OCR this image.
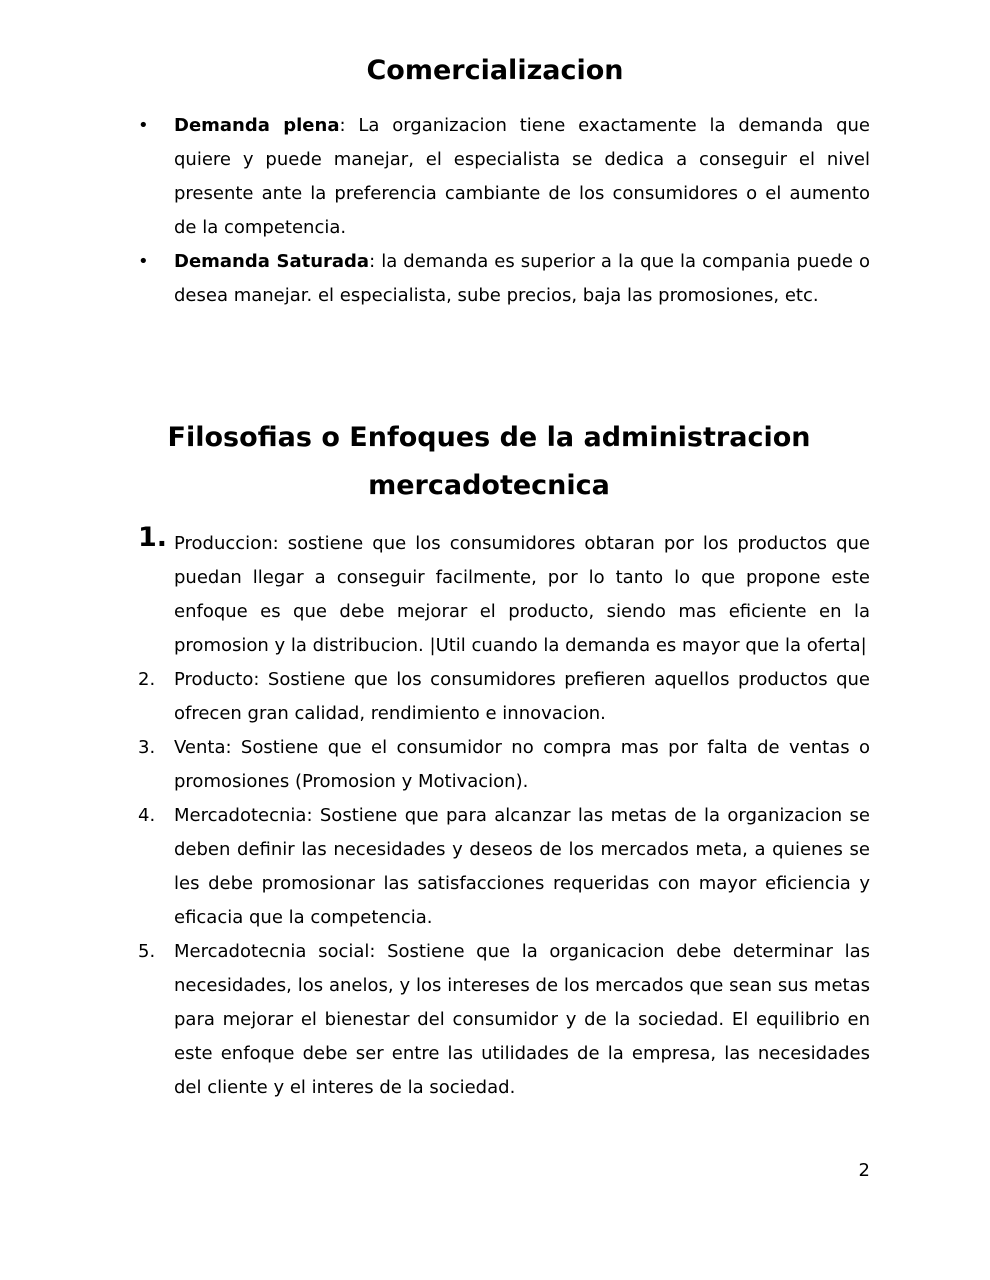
Comercializacion
• Demanda plena: La organizacion tiene exactamente la demanda que quiere y puede manejar, el especialista se dedica a conseguir el nivel presente ante la preferencia cambiante de los consumidores o el aumento de la competencia.
• Demanda Saturada: la demanda es superior a la que la compania puede o desea manejar. el especialista, sube precios, baja las promosiones, etc.
Filosofias o Enfoques de la administracion mercadotecnica
1. Produccion: sostiene que los consumidores obtaran por los productos que puedan llegar a conseguir facilmente, por lo tanto lo que propone este enfoque es que debe mejorar el producto, siendo mas eficiente en la promosion y la distribucion. |Util cuando la demanda es mayor que la oferta|
2. Producto: Sostiene que los consumidores prefieren aquellos productos que ofrecen gran calidad, rendimiento e innovacion.
3. Venta: Sostiene que el consumidor no compra mas por falta de ventas o promosiones (Promosion y Motivacion).
4. Mercadotecnia: Sostiene que para alcanzar las metas de la organizacion se deben definir las necesidades y deseos de los mercados meta, a quienes se les debe promosionar las satisfacciones requeridas con mayor eficiencia y eficacia que la competencia.
5. Mercadotecnia social: Sostiene que la organicacion debe determinar las necesidades, los anelos, y los intereses de los mercados que sean sus metas para mejorar el bienestar del consumidor y de la sociedad. El equilibrio en este enfoque debe ser entre las utilidades de la empresa, las necesidades del cliente y el interes de la sociedad.
2
